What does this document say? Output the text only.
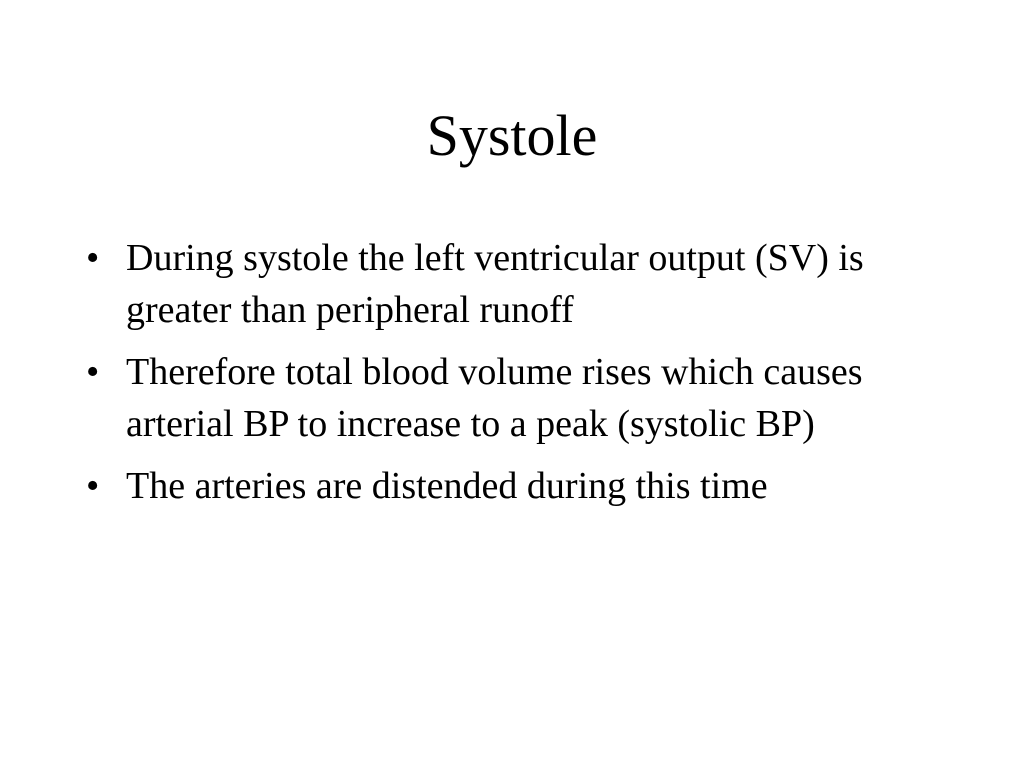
Systole
• During systole the left ventricular output (SV) is greater than peripheral runoff
• Therefore total blood volume rises which causes arterial BP to increase to a peak (systolic BP)
• The arteries are distended during this time
